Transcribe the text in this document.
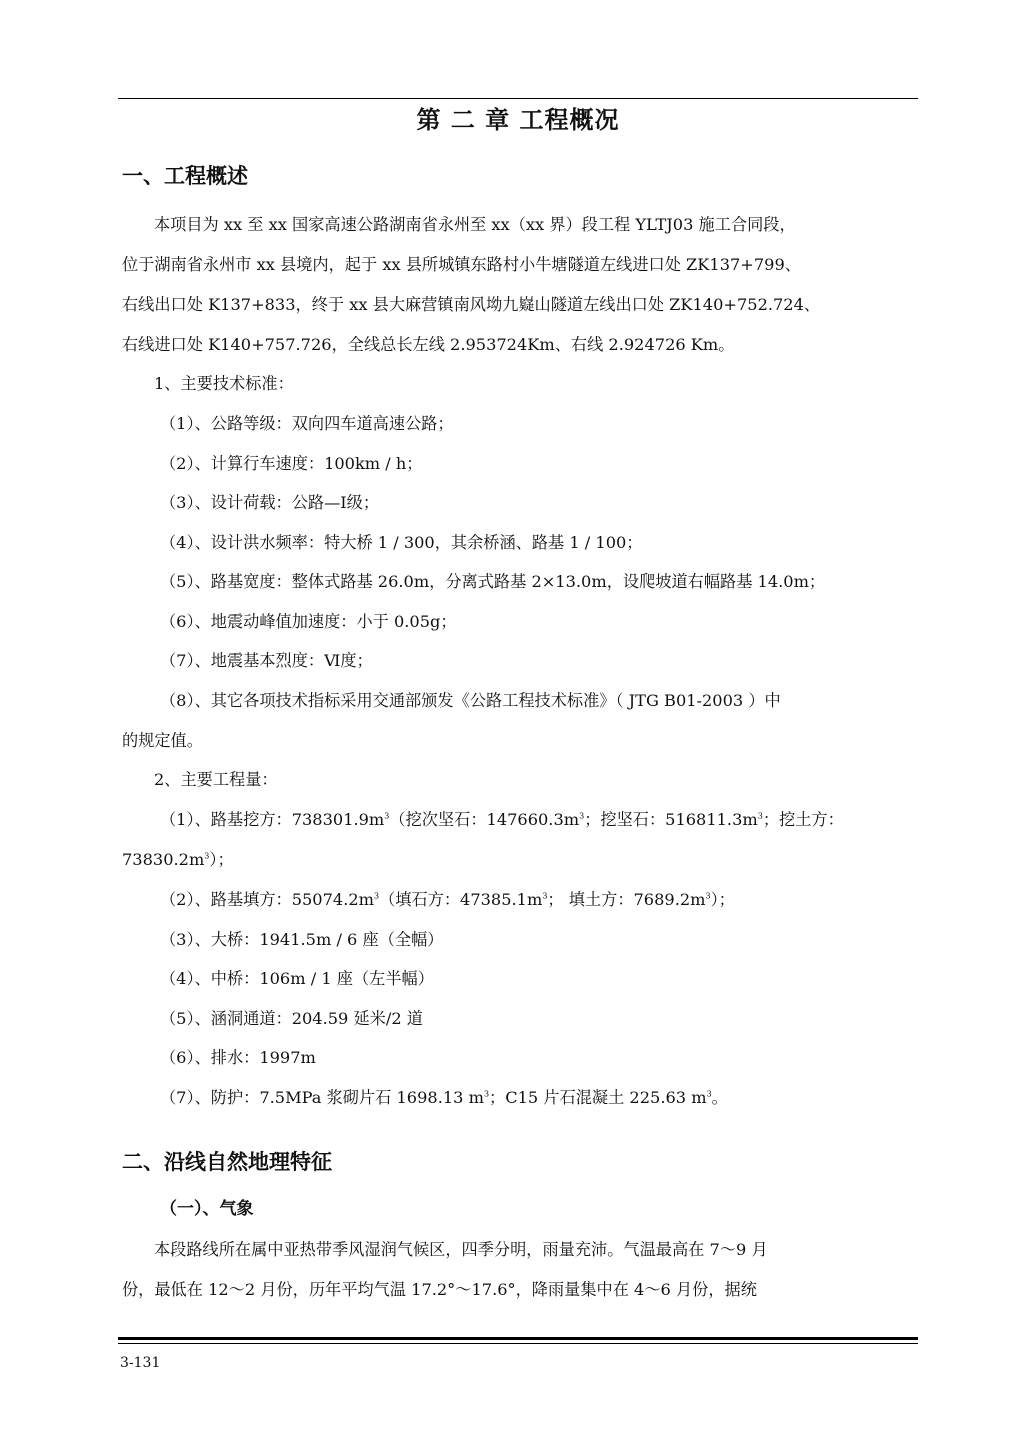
第 二 章 工程概况
一、工程概述
本项目为 xx 至 xx 国家高速公路湖南省永州至 xx（xx 界）段工程 YLTJ03 施工合同段，
位于湖南省永州市 xx 县境内，起于 xx 县所城镇东路村小牛塘隧道左线进口处 ZK137+799、
右线出口处 K137+833，终于 xx 县大麻营镇南风坳九嶷山隧道左线出口处 ZK140+752.724、
右线进口处 K140+757.726，全线总长左线 2.953724Km、右线 2.924726 Km。
1、主要技术标准：
（1）、公路等级：双向四车道高速公路；
（2）、计算行车速度：100km / h；
（3）、设计荷载：公路—Ⅰ级；
（4）、设计洪水频率：特大桥 1 / 300，其余桥涵、路基 1 / 100；
（5）、路基宽度：整体式路基 26.0m，分离式路基 2×13.0m，设爬坡道右幅路基 14.0m；
（6）、地震动峰值加速度：小于 0.05g；
（7）、地震基本烈度：Ⅵ度；
（8）、其它各项技术指标采用交通部颁发《公路工程技术标准》（ JTG B01-2003 ）中
的规定值。
2、主要工程量：
（1）、路基挖方：$738301.9m^3$（挖次坚石：$147660.3m^3$；挖坚石：$516811.3m^3$；挖土方：
$73830.2m^3$）；
（2）、路基填方：$55074.2m^3$（填石方：$47385.1m^3$； 填土方：$7689.2m^3$）；
（3）、大桥：1941.5m / 6 座（全幅）
（4）、中桥：106m / 1 座（左半幅）
（5）、涵洞通道：204.59 延米/2 道
（6）、排水：1997m
（7）、防护：7.5MPa 浆砌片石 1698.13 $m^3$；C15 片石混凝土 225.63 $m^3$。
二、沿线自然地理特征
（一）、气象
本段路线所在属中亚热带季风湿润气候区，四季分明，雨量充沛。气温最高在 7～9 月
份，最低在 12～2 月份，历年平均气温 17.2°～17.6°，降雨量集中在 4～6 月份，据统
3-131
